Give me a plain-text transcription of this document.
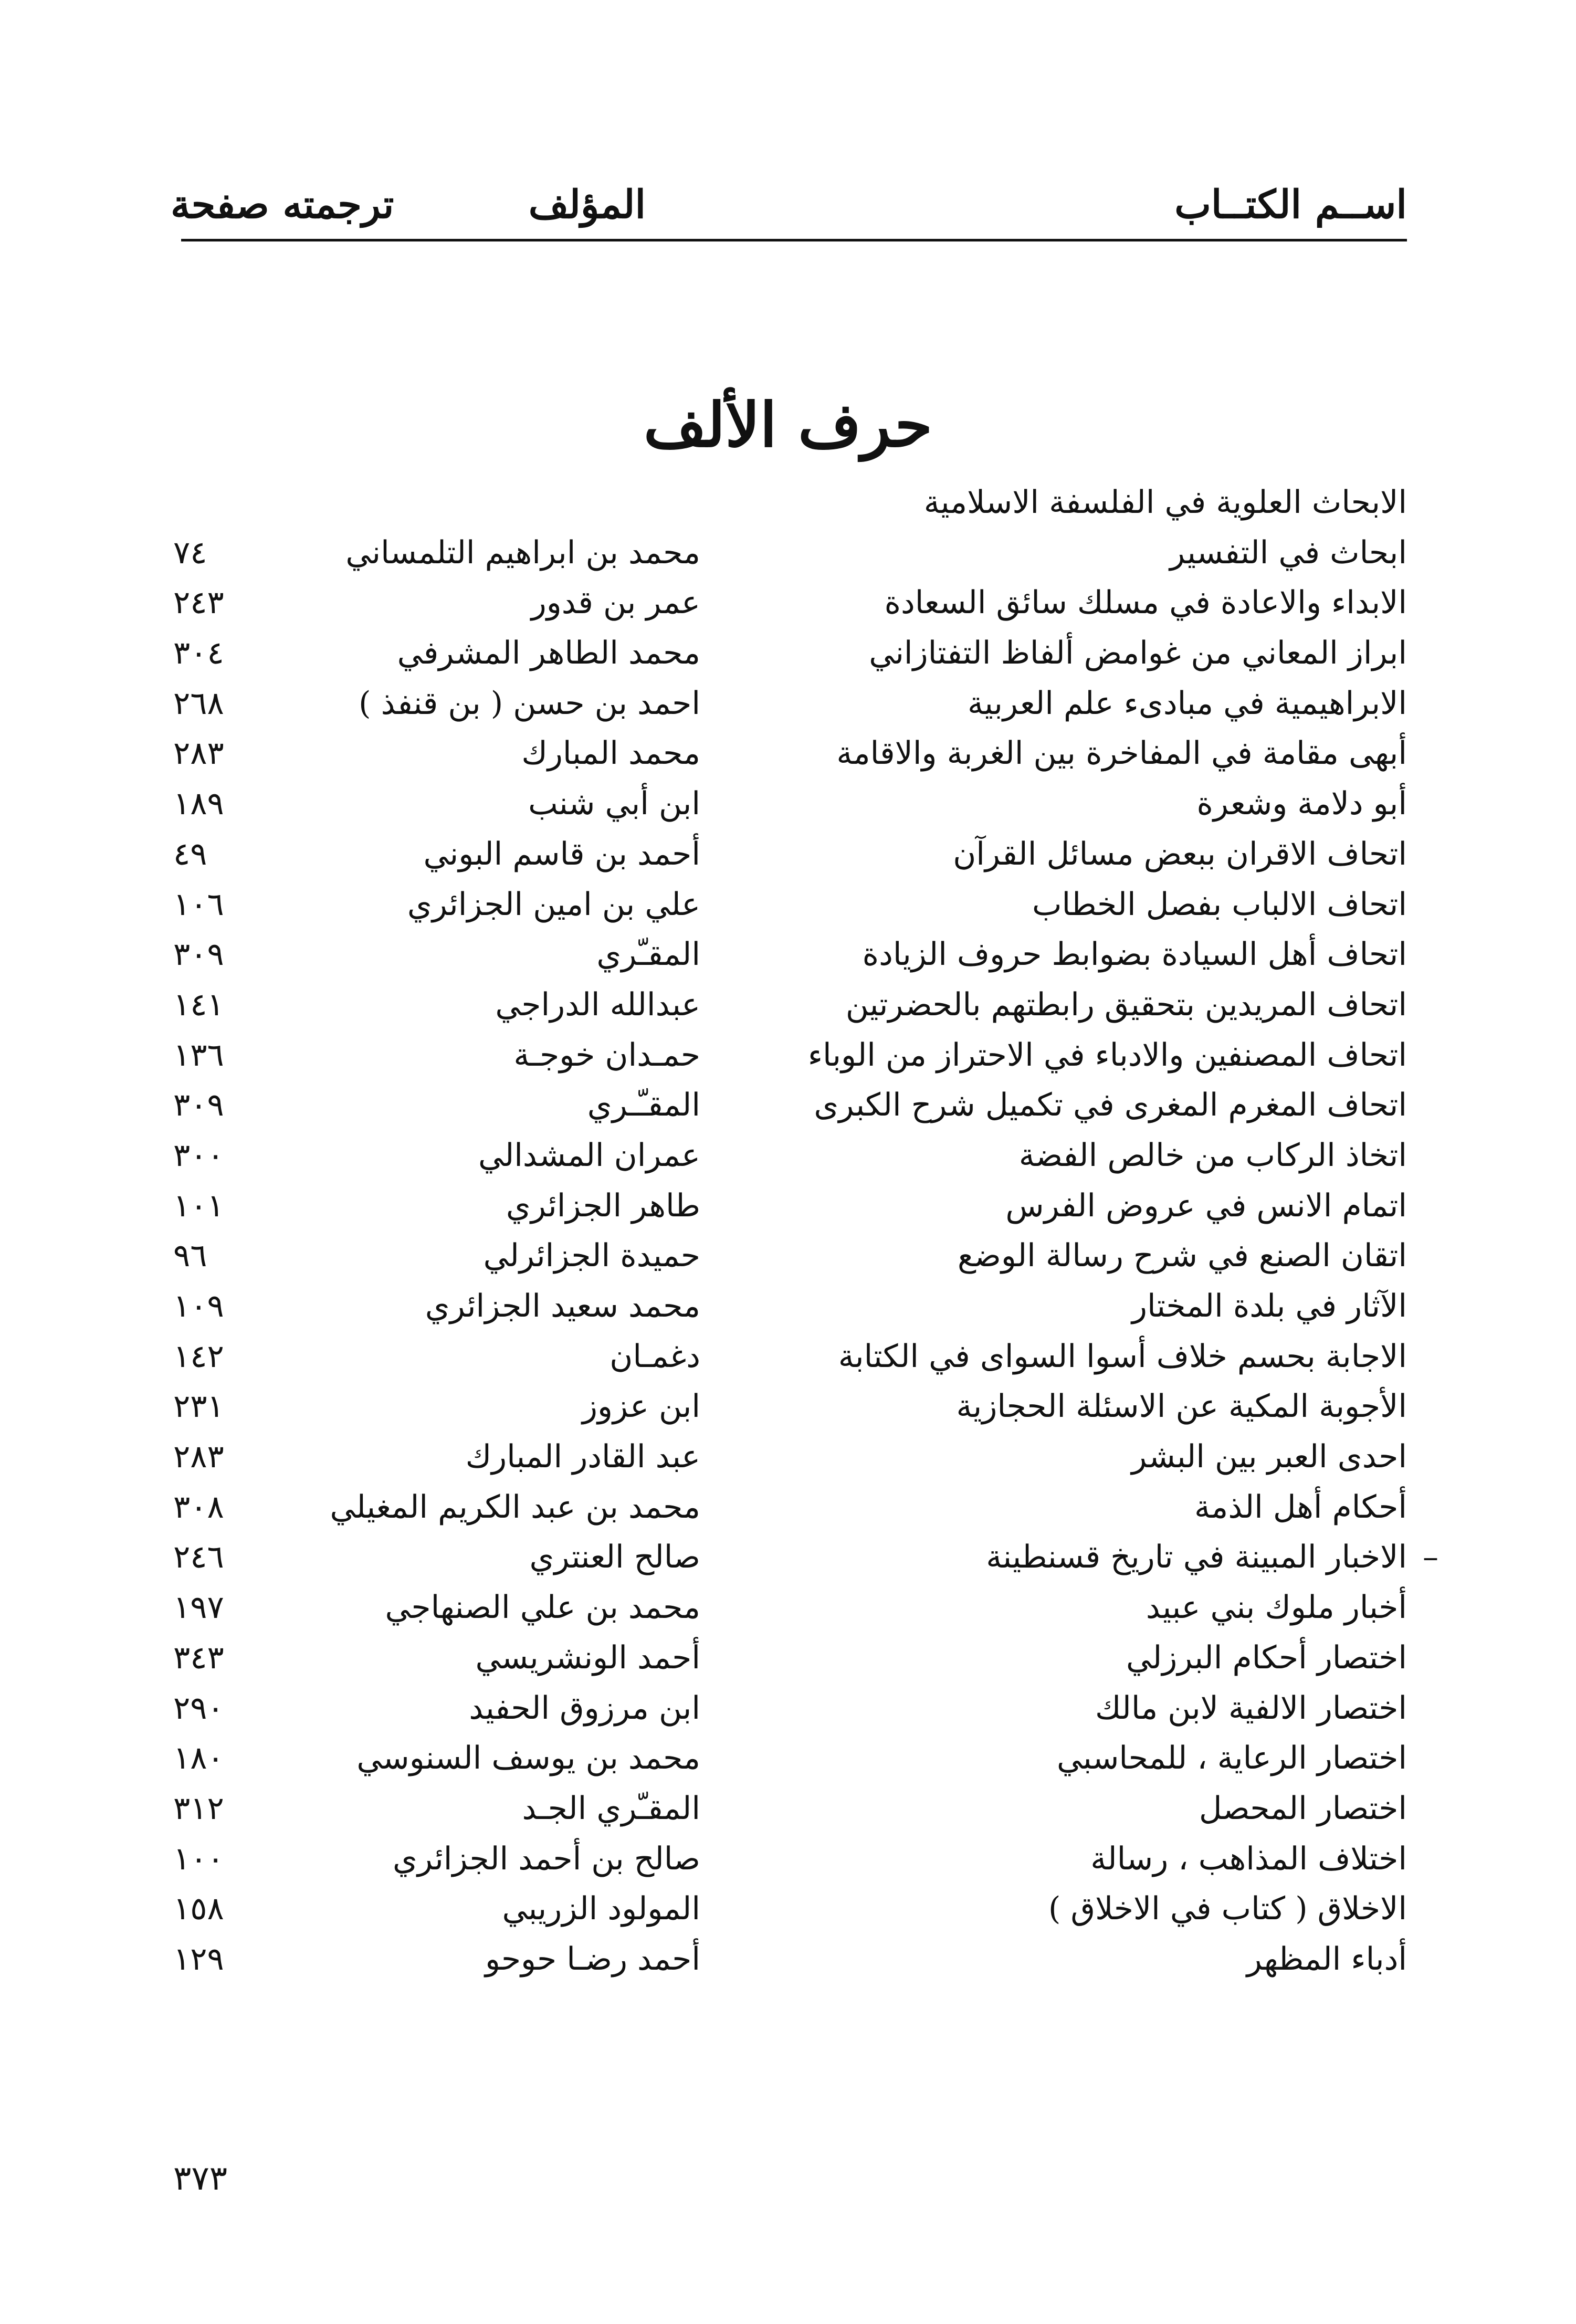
اســم الكتــاب
المؤلف
ترجمته صفحة
حرف الألف
الابحاث العلوية في الفلسفة الاسلامية
ابحاث في التفسير
محمد بن ابراهيم التلمساني
٧٤
الابداء والاعادة في مسلك سائق السعادة
عمر بن قدور
٢٤٣
ابراز المعاني من غوامض ألفاظ التفتازاني
محمد الطاهر المشرفي
٣٠٤
الابراهيمية في مبادىء علم العربية
احمد بن حسن ( بن قنفذ )
٢٦٨
أبهى مقامة في المفاخرة بين الغربة والاقامة
محمد المبارك
٢٨٣
أبو دلامة وشعرة
ابن أبي شنب
١٨٩
اتحاف الاقران ببعض مسائل القرآن
أحمد بن قاسم البوني
٤٩
اتحاف الالباب بفصل الخطاب
علي بن امين الجزائري
١٠٦
اتحاف أهل السيادة بضوابط حروف الزيادة
المقـّري
٣٠٩
اتحاف المريدين بتحقيق رابطتهم بالحضرتين
عبدالله الدراجي
١٤١
اتحاف المصنفين والادباء في الاحتراز من الوباء
حمـدان خوجـة
١٣٦
اتحاف المغرم المغرى في تكميل شرح الكبرى
المقـّـري
٣٠٩
اتخاذ الركاب من خالص الفضة
عمران المشدالي
٣٠٠
اتمام الانس في عروض الفرس
طاهر الجزائري
١٠١
اتقان الصنع في شرح رسالة الوضع
حميدة الجزائرلي
٩٦
الآثار في بلدة المختار
محمد سعيد الجزائري
١٠٩
الاجابة بحسم خلاف أسوا السواى في الكتابة
دغمـان
١٤٢
الأجوبة المكية عن الاسئلة الحجازية
ابن عزوز
٢٣١
احدى العبر بين البشر
عبد القادر المبارك
٢٨٣
أحكام أهل الذمة
محمد بن عبد الكريم المغيلي
٣٠٨
الاخبار المبينة في تاريخ قسنطينة
صالح العنتري
٢٤٦	–
أخبار ملوك بني عبيد
محمد بن علي الصنهاجي
١٩٧
اختصار أحكام البرزلي
أحمد الونشريسي
٣٤٣
اختصار الالفية لابن مالك
ابن مرزوق الحفيد
٢٩٠
اختصار الرعاية ، للمحاسبي
محمد بن يوسف السنوسي
١٨٠
اختصار المحصل
المقـّري الجـد
٣١٢
اختلاف المذاهب ، رسالة
صالح بن أحمد الجزائري
١٠٠
الاخلاق ( كتاب في الاخلاق )
المولود الزريبي
١٥٨
أدباء المظهر
أحمد رضـا حوحو
١٢٩
٣٧٣
